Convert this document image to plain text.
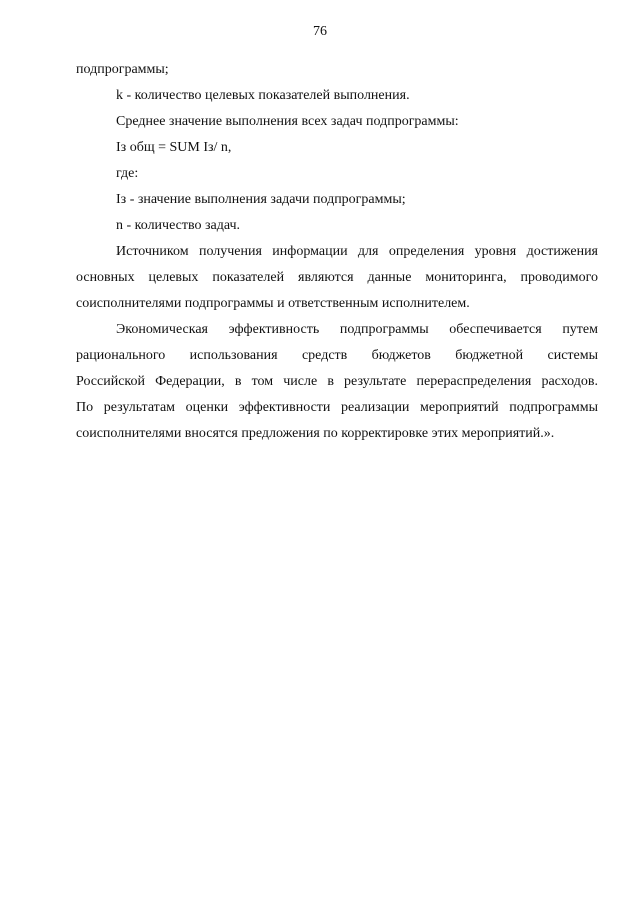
76
подпрограммы;
k - количество целевых показателей выполнения.
Среднее значение выполнения всех задач подпрограммы:
Iз общ = SUM Iз/ n,
где:
Iз - значение выполнения задачи подпрограммы;
n - количество задач.
Источником получения информации для определения уровня достижения
основных целевых показателей являются данные мониторинга, проводимого
соисполнителями подпрограммы и ответственным исполнителем.
Экономическая эффективность подпрограммы обеспечивается путем
рационального использования средств бюджетов бюджетной системы
Российской Федерации, в том числе в результате перераспределения расходов.
По результатам оценки эффективности реализации мероприятий подпрограммы
соисполнителями вносятся предложения по корректировке этих мероприятий.».
